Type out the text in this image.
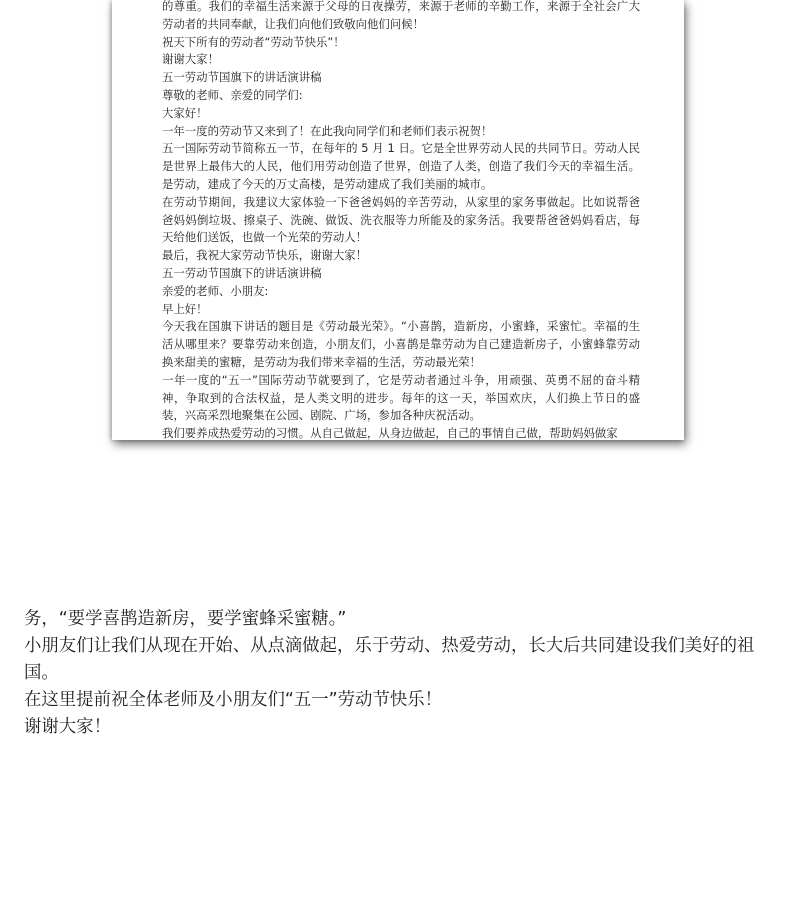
的尊重。我们的幸福生活来源于父母的日夜操劳，来源于老师的辛勤工作，来源于全社会广大劳动者的共同奉献，让我们向他们致敬向他们问候！

祝天下所有的劳动者“劳动节快乐”！

谢谢大家！

五一劳动节国旗下的讲话演讲稿

尊敬的老师、亲爱的同学们:

大家好！

一年一度的劳动节又来到了！在此我向同学们和老师们表示祝贺！

五一国际劳动节简称五一节，在每年的 5 月 1 日。它是全世界劳动人民的共同节日。劳动人民是世界上最伟大的人民，他们用劳动创造了世界，创造了人类，创造了我们今天的幸福生活。是劳动，建成了今天的万丈高楼，是劳动建成了我们美丽的城市。

在劳动节期间，我建议大家体验一下爸爸妈妈的辛苦劳动，从家里的家务事做起。比如说帮爸爸妈妈倒垃圾、擦桌子、洗碗、做饭、洗衣服等力所能及的家务活。我要帮爸爸妈妈看店，每天给他们送饭，也做一个光荣的劳动人！

最后，我祝大家劳动节快乐，谢谢大家！

五一劳动节国旗下的讲话演讲稿

亲爱的老师、小朋友:

早上好！

今天我在国旗下讲话的题目是《劳动最光荣》。“小喜鹊，造新房，小蜜蜂，采蜜忙。幸福的生活从哪里来？要靠劳动来创造，小朋友们，小喜鹊是靠劳动为自己建造新房子，小蜜蜂靠劳动换来甜美的蜜糖，是劳动为我们带来幸福的生活，劳动最光荣！

一年一度的“五一”国际劳动节就要到了，它是劳动者通过斗争，用顽强、英勇不屈的奋斗精神，争取到的合法权益，是人类文明的进步。每年的这一天，举国欢庆，人们换上节日的盛装，兴高采烈地聚集在公园、剧院、广场，参加各种庆祝活动。

我们要养成热爱劳动的习惯。从自己做起，从身边做起，自己的事情自己做，帮助妈妈做家

务，“要学喜鹊造新房，要学蜜蜂采蜜糖。”

小朋友们让我们从现在开始、从点滴做起，乐于劳动、热爱劳动，长大后共同建设我们美好的祖国。

在这里提前祝全体老师及小朋友们“五一”劳动节快乐！

谢谢大家！
